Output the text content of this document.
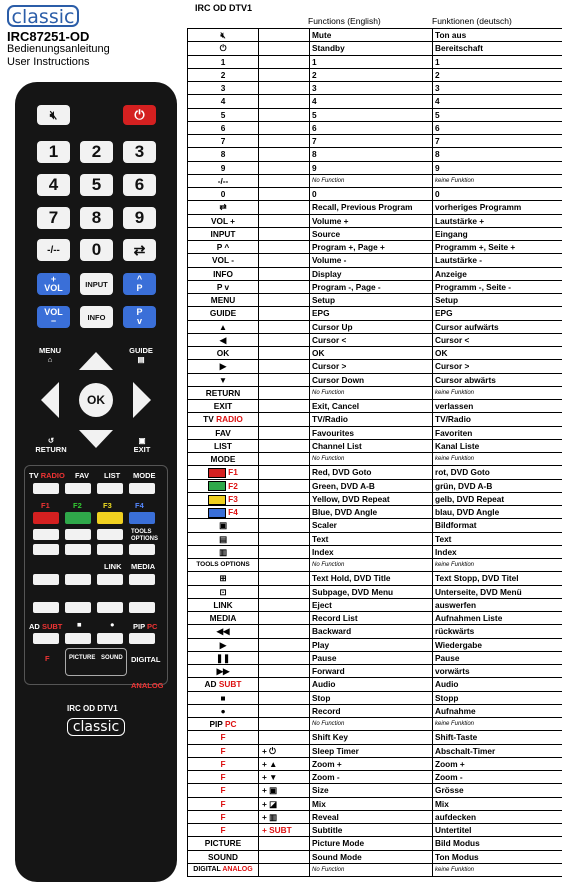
classic
IRC87251-OD
Bedienungsanleitung
User Instructions
IRC OD DTV1
Functions (English)	Funktionen (deutsch)
🔇︎	⏻
1	2	3
4	5	6
7	8	9
-/--	0	⇄
+
VOL	INPUT	^
P
VOL
−	INFO	P
v
MENU
⌂
GUIDE
▤
OK
↺
RETURN
▣
EXIT
TV RADIO FAV LIST MODE
F1	F2	F3	F4
TOOLS OPTIONS
LINK MEDIA
AD SUBT ■	● PIP PC
F	PICTURE SOUND DIGITAL
ANALOG
IRC OD DTV1
classic
🔇︎		Mute	Ton aus
⏻		Standby	Bereitschaft
1		1	1
2		2	2
3		3	3
4		4	4
5		5	5
6		6	6
7		7	7
8		8	8
9		9	9
-/--		No Function	keine Funktion
0		0	0
⇄		Recall, Previous Program	vorheriges Programm
VOL +		Volume +	Lautstärke +
INPUT		Source	Eingang
P ^		Program +, Page +	Programm +, Seite +
VOL -		Volume -	Lautstärke -
INFO		Display	Anzeige
P v		Program -, Page -	Programm -, Seite -
MENU		Setup	Setup
GUIDE		EPG	EPG
▲		Cursor Up	Cursor aufwärts
◀		Cursor <	Cursor <
OK		OK	OK
▶		Cursor >	Cursor >
▼		Cursor Down	Cursor abwärts
RETURN		No Function	keine Funktion
EXIT		Exit, Cancel	verlassen
TV RADIO		TV/Radio	TV/Radio
FAV		Favourites	Favoriten
LIST		Channel List	Kanal Liste
MODE		No Function	keine Funktion
F1		Red, DVD Goto	rot, DVD Goto
F2		Green, DVD A-B	grün, DVD A-B
F3		Yellow, DVD Repeat	gelb, DVD Repeat
F4		Blue, DVD Angle	blau, DVD Angle
▣		Scaler	Bildformat
▤		Text	Text
▥		Index	Index
TOOLS OPTIONS		No Function	keine Funktion
⊞		Text Hold, DVD Title	Text Stopp, DVD Titel
⊡		Subpage, DVD Menu	Unterseite, DVD Menü
LINK		Eject	auswerfen
MEDIA		Record List	Aufnahmen Liste
◀◀		Backward	rückwärts
▶		Play	Wiedergabe
❚❚		Pause	Pause
▶▶		Forward	vorwärts
AD SUBT		Audio	Audio
■		Stop	Stopp
●		Record	Aufnahme
PIP PC		No Function	keine Funktion
F		Shift Key	Shift-Taste
F	+ ⏻	Sleep Timer	Abschalt-Timer
F	+ ▲	Zoom +	Zoom +
F	+ ▼	Zoom -	Zoom -
F	+ ▣	Size	Grösse
F	+ ◪	Mix	Mix
F	+ ▥	Reveal	aufdecken
F	+ SUBT	Subtitle	Untertitel
PICTURE		Picture Mode	Bild Modus
SOUND		Sound Mode	Ton Modus
DIGITAL ANALOG		No Function	keine Funktion
